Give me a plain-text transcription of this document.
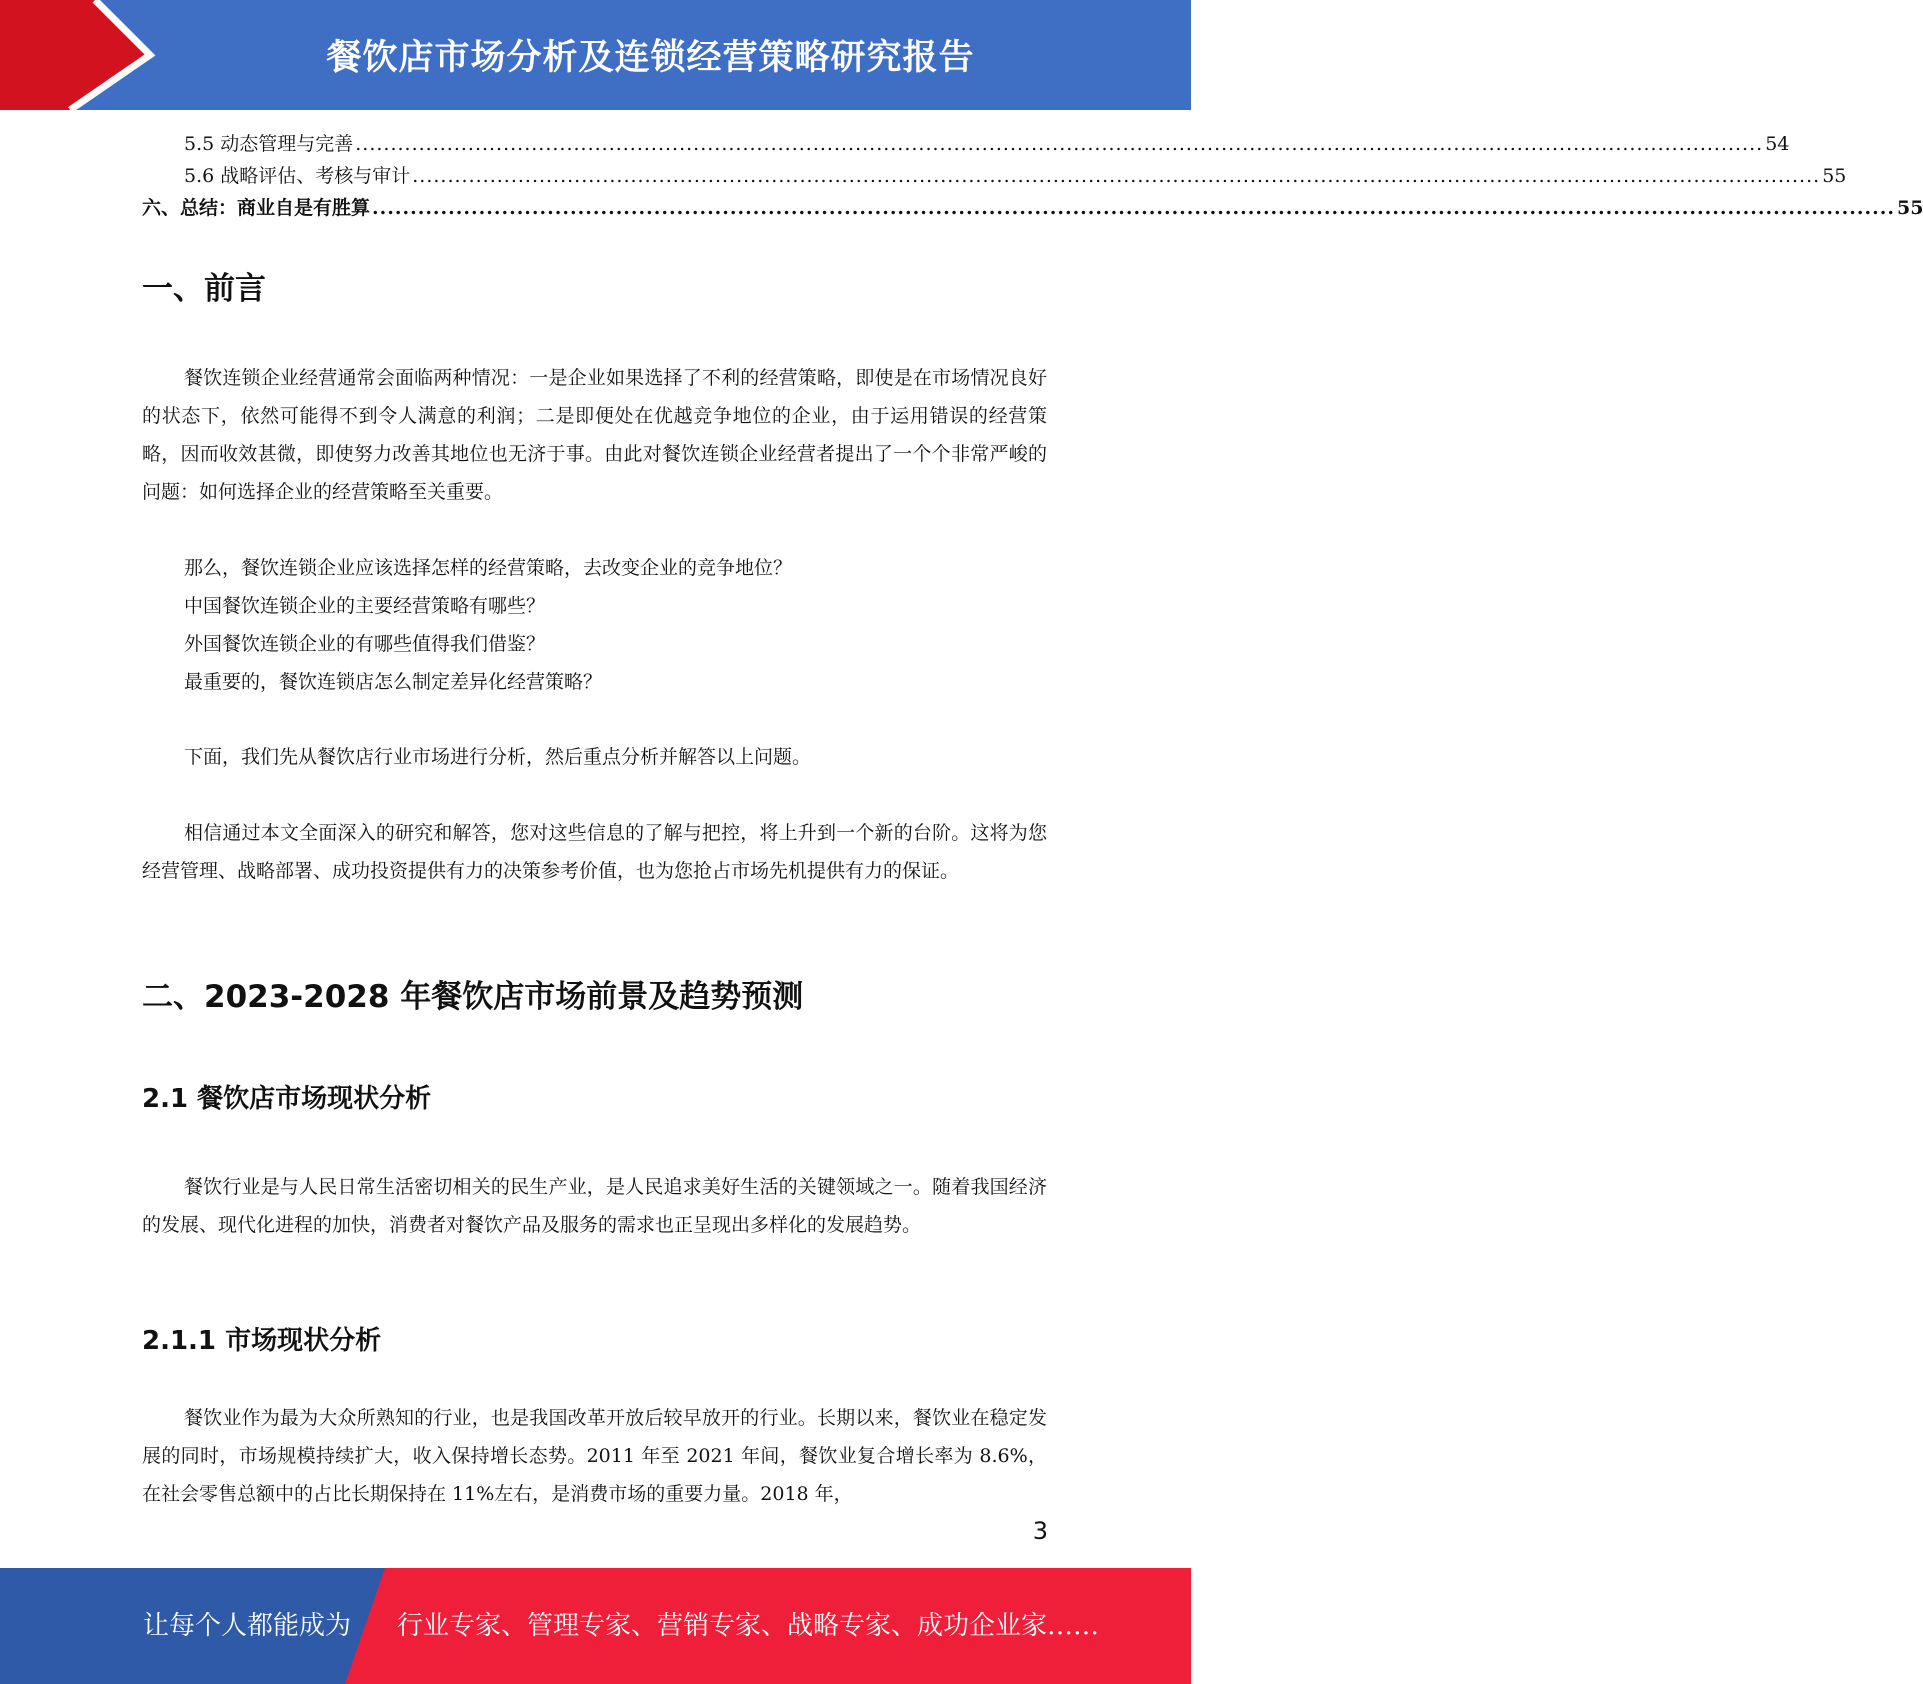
餐饮店市场分析及连锁经营策略研究报告
5.5 动态管理与完善 ........................................................................................................................................................................................................ 54
5.6 战略评估、考核与审计 ........................................................................................................................................................................................................ 55
六、总结：商业自是有胜算 ........................................................................................................................................................................................................ 55
一、前言
餐饮连锁企业经营通常会面临两种情况：一是企业如果选择了不利的经营策略，即使是在市场情况良好的状态下，依然可能得不到令人满意的利润；二是即便处在优越竞争地位的企业，由于运用错误的经营策略，因而收效甚微，即使努力改善其地位也无济于事。由此对餐饮连锁企业经营者提出了一个个非常严峻的问题：如何选择企业的经营策略至关重要。
那么，餐饮连锁企业应该选择怎样的经营策略，去改变企业的竞争地位？
中国餐饮连锁企业的主要经营策略有哪些？
外国餐饮连锁企业的有哪些值得我们借鉴？
最重要的，餐饮连锁店怎么制定差异化经营策略？
下面，我们先从餐饮店行业市场进行分析，然后重点分析并解答以上问题。
相信通过本文全面深入的研究和解答，您对这些信息的了解与把控，将上升到一个新的台阶。这将为您经营管理、战略部署、成功投资提供有力的决策参考价值，也为您抢占市场先机提供有力的保证。
二、2023-2028 年餐饮店市场前景及趋势预测
2.1 餐饮店市场现状分析
餐饮行业是与人民日常生活密切相关的民生产业，是人民追求美好生活的关键领域之一。随着我国经济的发展、现代化进程的加快，消费者对餐饮产品及服务的需求也正呈现出多样化的发展趋势。
2.1.1 市场现状分析
餐饮业作为最为大众所熟知的行业，也是我国改革开放后较早放开的行业。长期以来，餐饮业在稳定发展的同时，市场规模持续扩大，收入保持增长态势。2011 年至 2021 年间，餐饮业复合增长率为 8.6%，在社会零售总额中的占比长期保持在 11%左右，是消费市场的重要力量。2018 年，
3
让每个人都能成为 行业专家、管理专家、营销专家、战略专家、成功企业家……
